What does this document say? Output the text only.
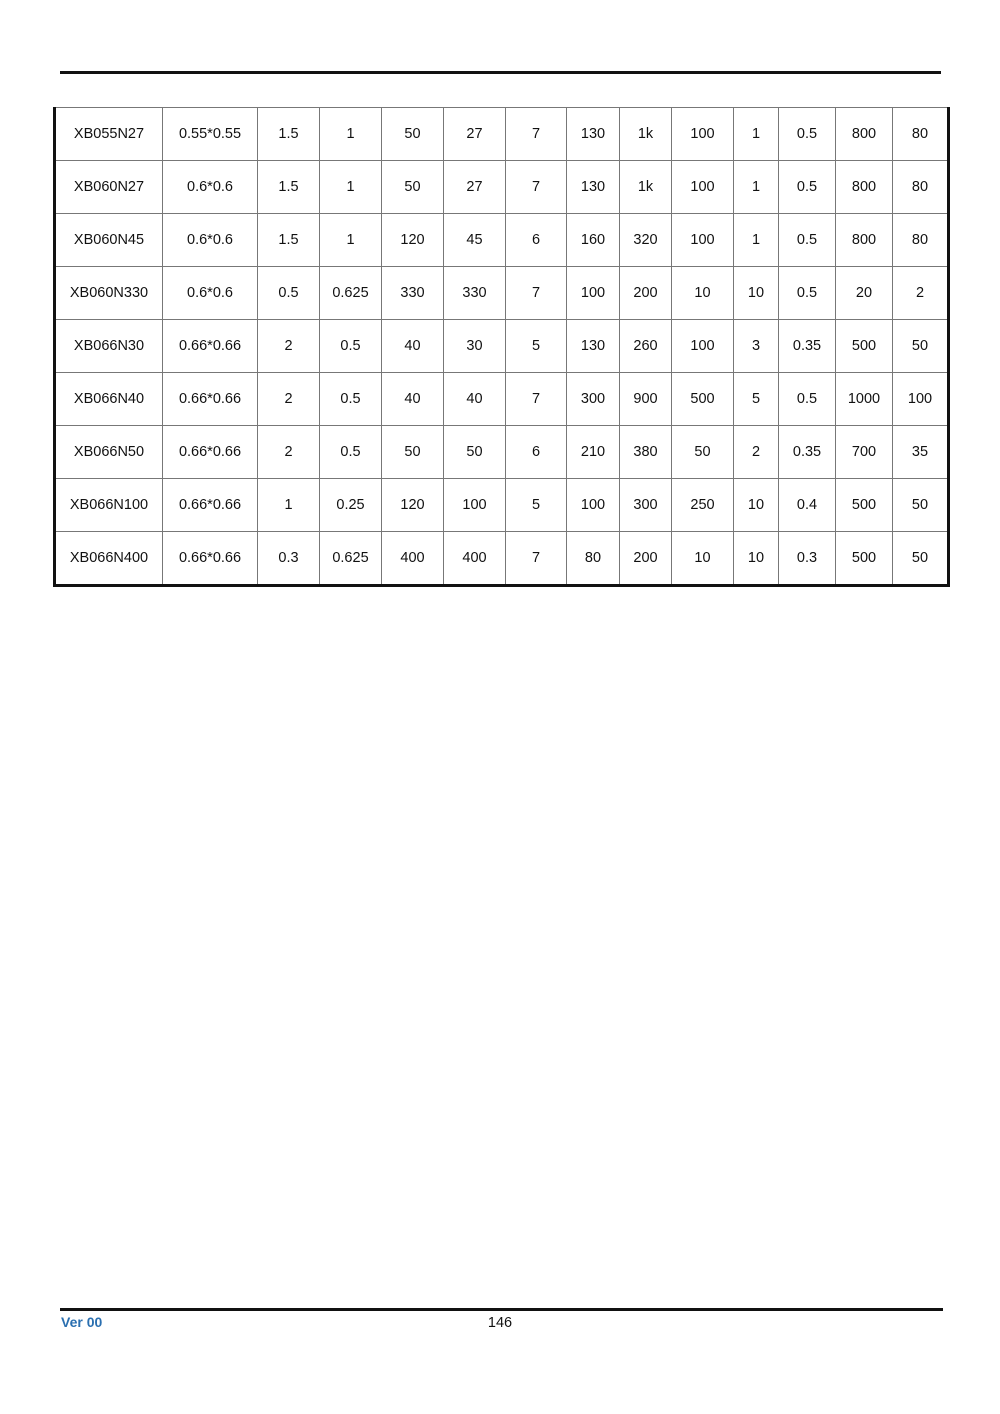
XB055N27	0.55*0.55	1.5	1	50	27	7	130	1k	100	1	0.5	800	80
XB060N27	0.6*0.6	1.5	1	50	27	7	130	1k	100	1	0.5	800	80
XB060N45	0.6*0.6	1.5	1	120	45	6	160	320	100	1	0.5	800	80
XB060N330	0.6*0.6	0.5	0.625	330	330	7	100	200	10	10	0.5	20	2
XB066N30	0.66*0.66	2	0.5	40	30	5	130	260	100	3	0.35	500	50
XB066N40	0.66*0.66	2	0.5	40	40	7	300	900	500	5	0.5	1000	100
XB066N50	0.66*0.66	2	0.5	50	50	6	210	380	50	2	0.35	700	35
XB066N100	0.66*0.66	1	0.25	120	100	5	100	300	250	10	0.4	500	50
XB066N400	0.66*0.66	0.3	0.625	400	400	7	80	200	10	10	0.3	500	50
Ver 00	146
